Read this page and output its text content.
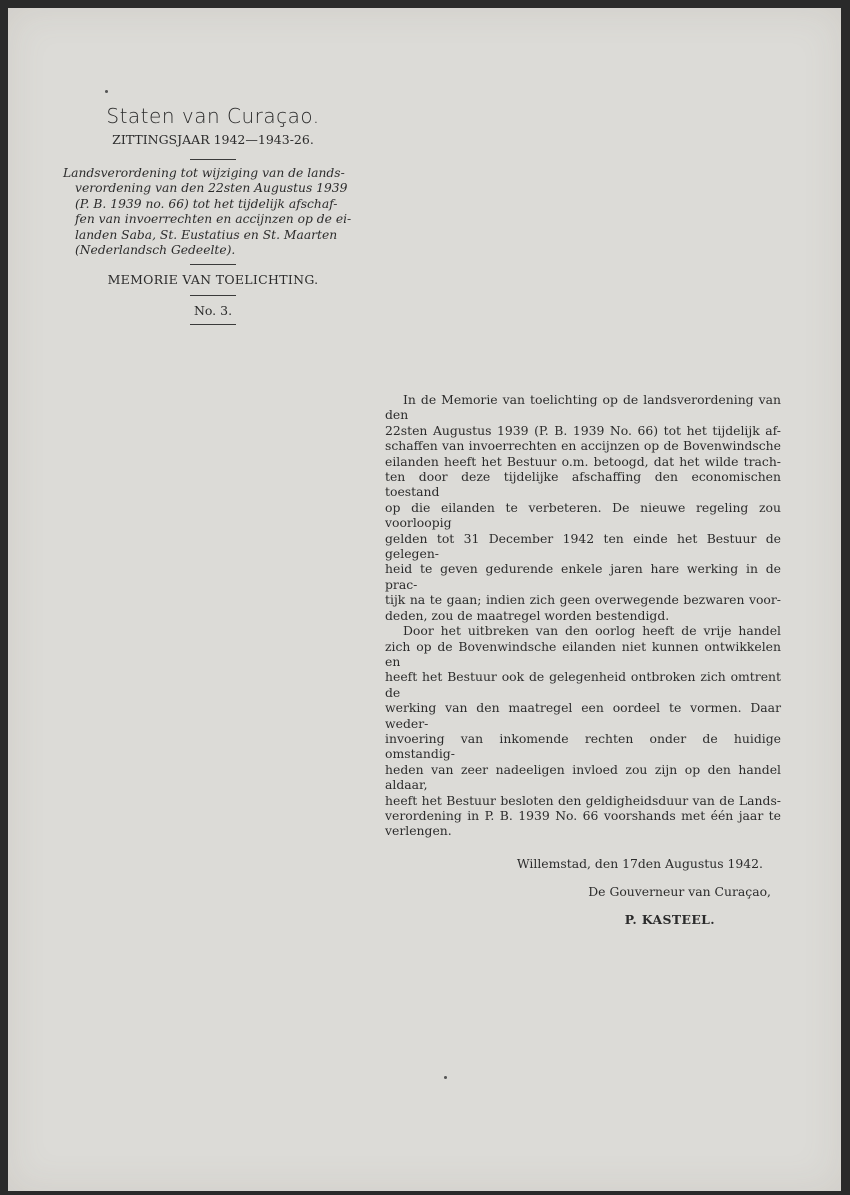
Staten van Curaçao.
ZITTINGSJAAR 1942—1943-26.
Landsverordening tot wijziging van de lands-
verordening van den 22sten Augustus 1939
(P. B. 1939 no. 66) tot het tijdelijk afschaf-
fen van invoerrechten en accijnzen op de ei-
landen Saba, St. Eustatius en St. Maarten
(Nederlandsch Gedeelte).
MEMORIE VAN TOELICHTING.
No. 3.
In de Memorie van toelichting op de landsverordening van den
22sten Augustus 1939 (P. B. 1939 No. 66) tot het tijdelijk af-
schaffen van invoerrechten en accijnzen op de Bovenwindsche
eilanden heeft het Bestuur o.m. betoogd, dat het wilde trach-
ten door deze tijdelijke afschaffing den economischen toestand
op die eilanden te verbeteren. De nieuwe regeling zou voorloopig
gelden tot 31 December 1942 ten einde het Bestuur de gelegen-
heid te geven gedurende enkele jaren hare werking in de prac-
tijk na te gaan; indien zich geen overwegende bezwaren voor-
deden, zou de maatregel worden bestendigd.
Door het uitbreken van den oorlog heeft de vrije handel
zich op de Bovenwindsche eilanden niet kunnen ontwikkelen en
heeft het Bestuur ook de gelegenheid ontbroken zich omtrent de
werking van den maatregel een oordeel te vormen. Daar weder-
invoering van inkomende rechten onder de huidige omstandig-
heden van zeer nadeeligen invloed zou zijn op den handel aldaar,
heeft het Bestuur besloten den geldigheidsduur van de Lands-
verordening in P. B. 1939 No. 66 voorshands met één jaar te
verlengen.
Willemstad, den 17den Augustus 1942.
De Gouverneur van Curaçao,
P. KASTEEL.
